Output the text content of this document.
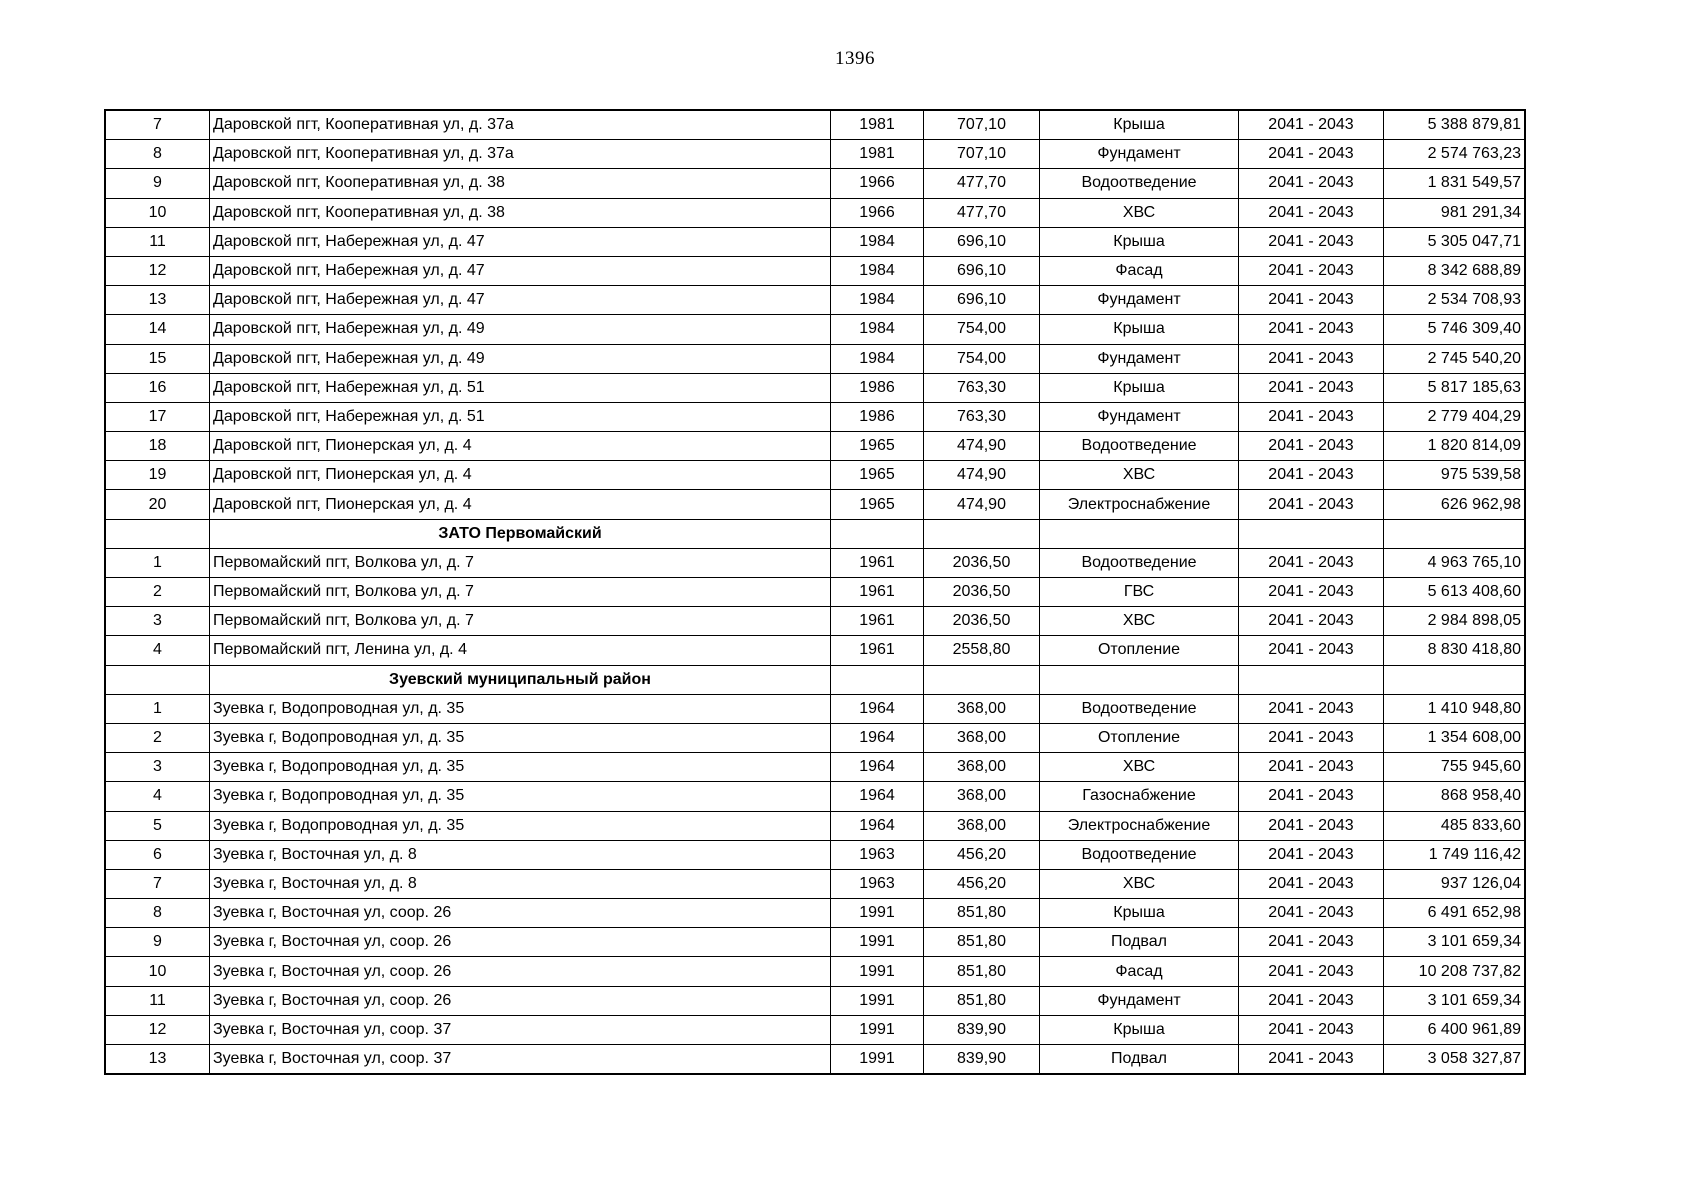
1396
7	Даровской пгт, Кооперативная ул, д. 37а	1981	707,10	Крыша	2041 - 2043	5 388 879,81
8	Даровской пгт, Кооперативная ул, д. 37а	1981	707,10	Фундамент	2041 - 2043	2 574 763,23
9	Даровской пгт, Кооперативная ул, д. 38	1966	477,70	Водоотведение	2041 - 2043	1 831 549,57
10	Даровской пгт, Кооперативная ул, д. 38	1966	477,70	ХВС	2041 - 2043	981 291,34
11	Даровской пгт, Набережная ул, д. 47	1984	696,10	Крыша	2041 - 2043	5 305 047,71
12	Даровской пгт, Набережная ул, д. 47	1984	696,10	Фасад	2041 - 2043	8 342 688,89
13	Даровской пгт, Набережная ул, д. 47	1984	696,10	Фундамент	2041 - 2043	2 534 708,93
14	Даровской пгт, Набережная ул, д. 49	1984	754,00	Крыша	2041 - 2043	5 746 309,40
15	Даровской пгт, Набережная ул, д. 49	1984	754,00	Фундамент	2041 - 2043	2 745 540,20
16	Даровской пгт, Набережная ул, д. 51	1986	763,30	Крыша	2041 - 2043	5 817 185,63
17	Даровской пгт, Набережная ул, д. 51	1986	763,30	Фундамент	2041 - 2043	2 779 404,29
18	Даровской пгт, Пионерская ул, д. 4	1965	474,90	Водоотведение	2041 - 2043	1 820 814,09
19	Даровской пгт, Пионерская ул, д. 4	1965	474,90	ХВС	2041 - 2043	975 539,58
20	Даровской пгт, Пионерская ул, д. 4	1965	474,90	Электроснабжение	2041 - 2043	626 962,98
	ЗАТО Первомайский					
1	Первомайский пгт, Волкова ул, д. 7	1961	2036,50	Водоотведение	2041 - 2043	4 963 765,10
2	Первомайский пгт, Волкова ул, д. 7	1961	2036,50	ГВС	2041 - 2043	5 613 408,60
3	Первомайский пгт, Волкова ул, д. 7	1961	2036,50	ХВС	2041 - 2043	2 984 898,05
4	Первомайский пгт, Ленина ул, д. 4	1961	2558,80	Отопление	2041 - 2043	8 830 418,80
	Зуевский муниципальный район					
1	Зуевка г, Водопроводная ул, д. 35	1964	368,00	Водоотведение	2041 - 2043	1 410 948,80
2	Зуевка г, Водопроводная ул, д. 35	1964	368,00	Отопление	2041 - 2043	1 354 608,00
3	Зуевка г, Водопроводная ул, д. 35	1964	368,00	ХВС	2041 - 2043	755 945,60
4	Зуевка г, Водопроводная ул, д. 35	1964	368,00	Газоснабжение	2041 - 2043	868 958,40
5	Зуевка г, Водопроводная ул, д. 35	1964	368,00	Электроснабжение	2041 - 2043	485 833,60
6	Зуевка г, Восточная ул, д. 8	1963	456,20	Водоотведение	2041 - 2043	1 749 116,42
7	Зуевка г, Восточная ул, д. 8	1963	456,20	ХВС	2041 - 2043	937 126,04
8	Зуевка г, Восточная ул, соор. 26	1991	851,80	Крыша	2041 - 2043	6 491 652,98
9	Зуевка г, Восточная ул, соор. 26	1991	851,80	Подвал	2041 - 2043	3 101 659,34
10	Зуевка г, Восточная ул, соор. 26	1991	851,80	Фасад	2041 - 2043	10 208 737,82
11	Зуевка г, Восточная ул, соор. 26	1991	851,80	Фундамент	2041 - 2043	3 101 659,34
12	Зуевка г, Восточная ул, соор. 37	1991	839,90	Крыша	2041 - 2043	6 400 961,89
13	Зуевка г, Восточная ул, соор. 37	1991	839,90	Подвал	2041 - 2043	3 058 327,87
